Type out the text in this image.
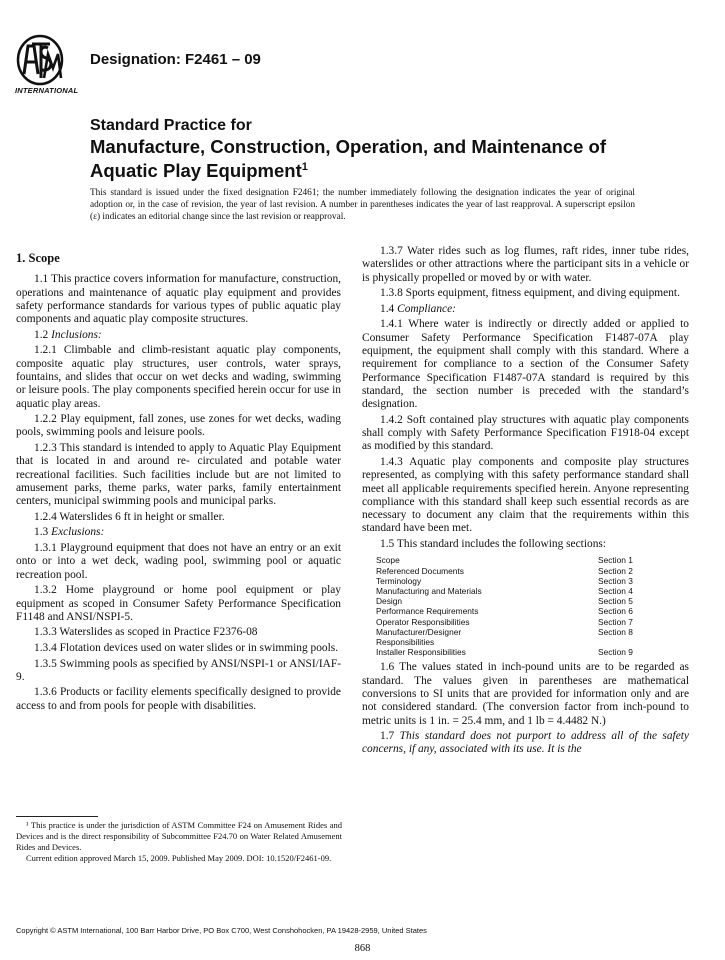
INTERNATIONAL
Designation: F2461 – 09
Standard Practice for
Manufacture, Construction, Operation, and Maintenance of
Aquatic Play Equipment$^1$
This standard is issued under the fixed designation F2461; the number immediately following the designation indicates the year of original adoption or, in the case of revision, the year of last revision. A number in parentheses indicates the year of last reapproval. A superscript epsilon (ε) indicates an editorial change since the last revision or reapproval.
1. Scope

1.1 This practice covers information for manufacture, construction, operations and maintenance of aquatic play equipment and provides safety performance standards for various types of public aquatic play components and aquatic play composite structures.

1.2 Inclusions:

1.2.1 Climbable and climb-resistant aquatic play components, composite aquatic play structures, user controls, water sprays, fountains, and slides that occur on wet decks and wading, swimming or leisure pools. The play components specified herein occur for use in aquatic play areas.

1.2.2 Play equipment, fall zones, use zones for wet decks, wading pools, swimming pools and leisure pools.

1.2.3 This standard is intended to apply to Aquatic Play Equipment that is located in and around re- circulated and potable water recreational facilities. Such facilities include but are not limited to amusement parks, theme parks, water parks, family entertainment centers, municipal swimming pools and municipal parks.

1.2.4 Waterslides 6 ft in height or smaller.

1.3 Exclusions:

1.3.1 Playground equipment that does not have an entry or an exit onto or into a wet deck, wading pool, swimming pool or aquatic recreation pool.

1.3.2 Home playground or home pool equipment or play equipment as scoped in Consumer Safety Performance Specification F1148 and ANSI/NSPI-5.

1.3.3 Waterslides as scoped in Practice F2376-08

1.3.4 Flotation devices used on water slides or in swimming pools.

1.3.5 Swimming pools as specified by ANSI/NSPI-1 or ANSI/IAF-9.

1.3.6 Products or facility elements specifically designed to provide access to and from pools for people with disabilities.

1.3.7 Water rides such as log flumes, raft rides, inner tube rides, waterslides or other attractions where the participant sits in a vehicle or is physically propelled or moved by or with water.

1.3.8 Sports equipment, fitness equipment, and diving equipment.

1.4 Compliance:

1.4.1 Where water is indirectly or directly added or applied to Consumer Safety Performance Specification F1487-07A play equipment, the equipment shall comply with this standard. Where a requirement for compliance to a section of the Consumer Safety Performance Specification F1487-07A standard is required by this standard, the section number is preceded with the standard’s designation.

1.4.2 Soft contained play structures with aquatic play components shall comply with Safety Performance Specification F1918-04 except as modified by this standard.

1.4.3 Aquatic play components and composite play structures represented, as complying with this safety performance standard shall meet all applicable requirements specified herein. Anyone representing compliance with this standard shall keep such essential records as are necessary to document any claim that the requirements within this standard have been met.

1.5 This standard includes the following sections:

Scope	Section 1
Referenced Documents	Section 2
Terminology	Section 3
Manufacturing and Materials	Section 4
Design	Section 5
Performance Requirements	Section 6
Operator Responsibilities	Section 7
Manufacturer/Designer	Section 8
Responsibilities
Installer Responsibilities	Section 9

1.6 The values stated in inch-pound units are to be regarded as standard. The values given in parentheses are mathematical conversions to SI units that are provided for information only and are not considered standard. (The conversion factor from inch-pound to metric units is 1 in. = 25.4 mm, and 1 lb = 4.4482 N.)

1.7 This standard does not purport to address all of the safety concerns, if any, associated with its use. It is the

¹ This practice is under the jurisdiction of ASTM Committee F24 on Amusement Rides and Devices and is the direct responsibility of Subcommittee F24.70 on Water Related Amusement Rides and Devices.

Current edition approved March 15, 2009. Published May 2009. DOI: 10.1520/F2461-09.

Copyright © ASTM International, 100 Barr Harbor Drive, PO Box C700, West Conshohocken, PA 19428-2959, United States
868
